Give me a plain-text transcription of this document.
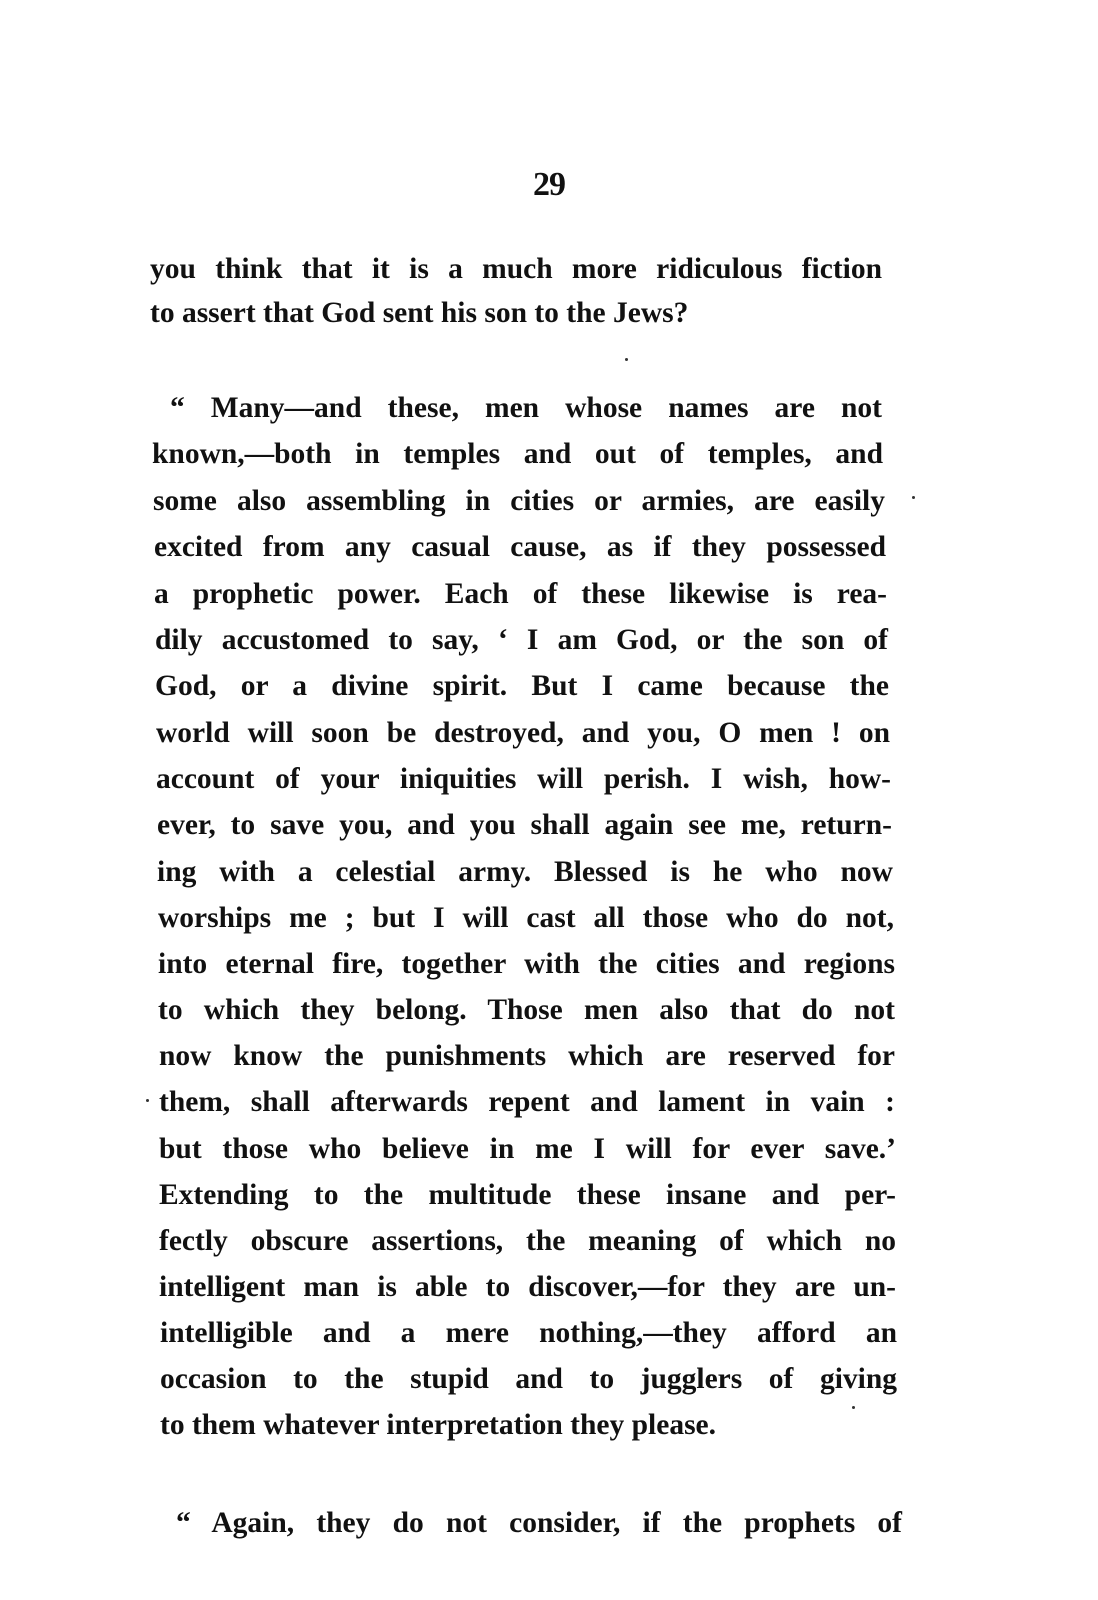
29
you think that it is a much more ridiculous fiction
to assert that God sent his son to the Jews?
“ Many—and these, men whose names are not
known,—both in temples and out of temples, and
some also assembling in cities or armies, are easily
excited from any casual cause, as if they possessed
a prophetic power. Each of these likewise is rea-
dily accustomed to say, ‘ I am God, or the son of
God, or a divine spirit. But I came because the
world will soon be destroyed, and you, O men ! on
account of your iniquities will perish. I wish, how-
ever, to save you, and you shall again see me, return-
ing with a celestial army. Blessed is he who now
worships me ; but I will cast all those who do not,
into eternal fire, together with the cities and regions
to which they belong. Those men also that do not
now know the punishments which are reserved for
them, shall afterwards repent and lament in vain :
but those who believe in me I will for ever save.’
Extending to the multitude these insane and per-
fectly obscure assertions, the meaning of which no
intelligent man is able to discover,—for they are un-
intelligible and a mere nothing,—they afford an
occasion to the stupid and to jugglers of giving
to them whatever interpretation they please.
“ Again, they do not consider, if the prophets of
